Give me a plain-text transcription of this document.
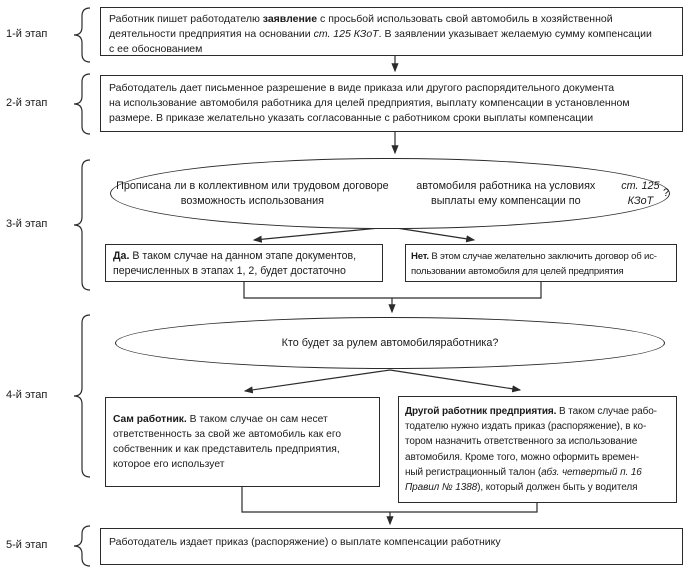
1-й этап
2-й этап
3-й этап
4-й этап
5-й этап
Работник пишет работодателю заявление с просьбой использовать свой автомобиль в хозяйственной
деятельности предприятия на основании ст. 125 КЗоТ. В заявлении указывает желаемую сумму компенсации
с ее обоснованием
Работодатель дает письменное разрешение в виде приказа или другого распорядительного документа
на использование автомобиля работника для целей предприятия, выплату компенсации в установленном
размере. В приказе желательно указать согласованные с работником сроки выплаты компенсации
Прописана ли в коллективном или трудовом договоре возможность использования

автомобиля работника на условиях выплаты ему компенсации по
ст. 125 КЗоТ
?
Да. В таком случае на данном этапе документов,
перечисленных в этапах 1, 2, будет достаточно
Нет. В этом случае желательно заключить договор об ис-
пользовании автомобиля для целей предприятия
Кто будет за рулем автомобиля работника?
Сам работник. В таком случае он сам несет
ответственность за свой же автомобиль как его
собственник и как представитель предприятия,
которое его использует
Другой работник предприятия. В таком случае рабо-
тодателю нужно издать приказ (распоряжение), в ко-
тором назначить ответственного за использование
автомобиля. Кроме того, можно оформить времен-
ный регистрационный талон (абз. четвертый п. 16
Правил № 1388), который должен быть у водителя
Работодатель издает приказ (распоряжение) о выплате компенсации работнику
